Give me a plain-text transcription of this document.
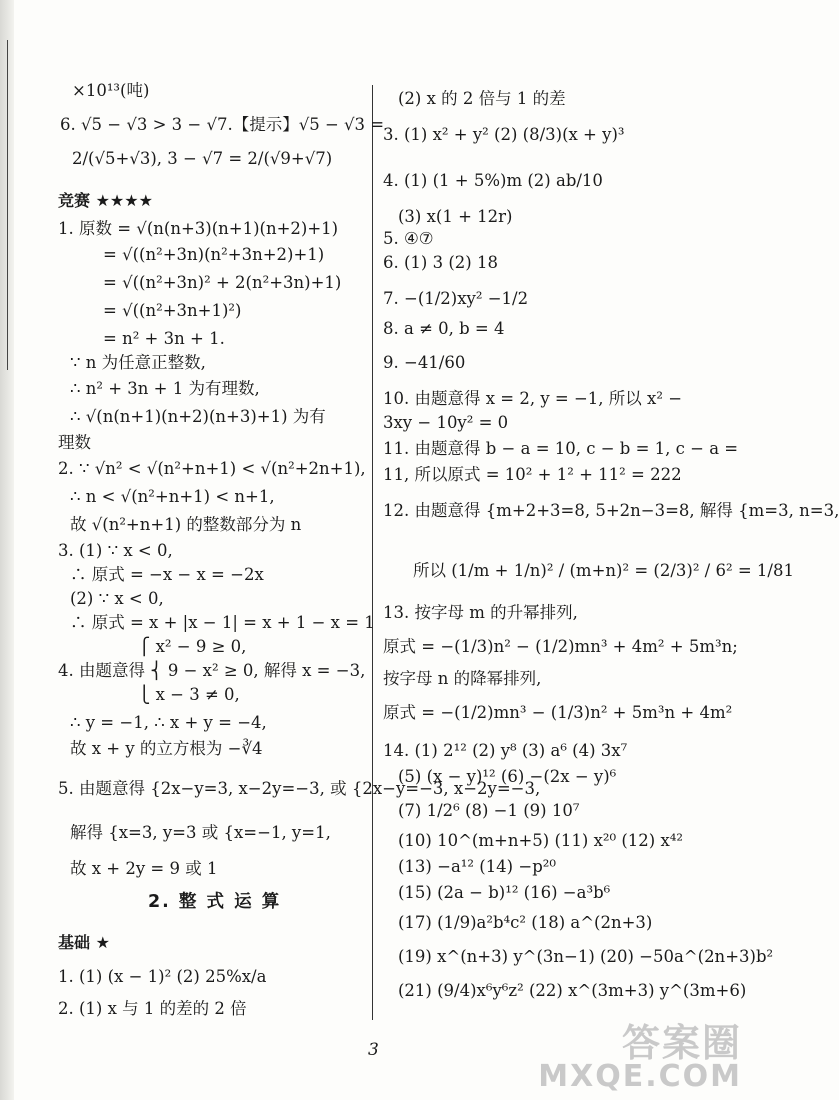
×10¹³(吨)
6. √5 − √3 > 3 − √7.【提示】√5 − √3 =
2/(√5+√3), 3 − √7 = 2/(√9+√7)
1. 原数 = √(n(n+3)(n+1)(n+2)+1)
= √((n²+3n)(n²+3n+2)+1)
= √((n²+3n)² + 2(n²+3n)+1)
= √((n²+3n+1)²)
= n² + 3n + 1.
∵ n 为任意正整数,
∴ n² + 3n + 1 为有理数,
∴ √(n(n+1)(n+2)(n+3)+1) 为有
理数
2. ∵ √n² < √(n²+n+1) < √(n²+2n+1),
∴ n < √(n²+n+1) < n+1,
故 √(n²+n+1) 的整数部分为 n
3. (1) ∵ x < 0,
∴ 原式 = −x − x = −2x
(2) ∵ x < 0,
∴ 原式 = x + |x − 1| = x + 1 − x = 1
⎧ x² − 9 ≥ 0,
4. 由题意得 ⎨ 9 − x² ≥ 0, 解得 x = −3,
⎩ x − 3 ≠ 0,
∴ y = −1, ∴ x + y = −4,
故 x + y 的立方根为 −∛4
5. 由题意得 {2x−y=3, x−2y=−3, 或 {2x−y=−3, x−2y=−3,
解得 {x=3, y=3 或 {x=−1, y=1,
故 x + 2y = 9 或 1
1. (1) (x − 1)² (2) 25%x/a
2. (1) x 与 1 的差的 2 倍
(2) x 的 2 倍与 1 的差
3. (1) x² + y² (2) (8/3)(x + y)³
4. (1) (1 + 5%)m (2) ab/10
(3) x(1 + 12r)
5. ④⑦
6. (1) 3 (2) 18
7. −(1/2)xy² −1/2
8. a ≠ 0, b = 4
9. −41/60
10. 由题意得 x = 2, y = −1, 所以 x² −
3xy − 10y² = 0
11. 由题意得 b − a = 10, c − b = 1, c − a =
11, 所以原式 = 10² + 1² + 11² = 222
12. 由题意得 {m+2+3=8, 5+2n−3=8, 解得 {m=3, n=3,
所以 (1/m + 1/n)² / (m+n)² = (2/3)² / 6² = 1/81
13. 按字母 m 的升幂排列,
原式 = −(1/3)n² − (1/2)mn³ + 4m² + 5m³n;
按字母 n 的降幂排列,
原式 = −(1/2)mn³ − (1/3)n² + 5m³n + 4m²
14. (1) 2¹² (2) y⁸ (3) a⁶ (4) 3x⁷
(5) (x − y)¹² (6) −(2x − y)⁶
(7) 1/2⁶ (8) −1 (9) 10⁷
(10) 10^(m+n+5) (11) x²⁰ (12) x⁴²
(13) −a¹² (14) −p²⁰
(15) (2a − b)¹² (16) −a³b⁶
(17) (1/9)a²b⁴c² (18) a^(2n+3)
(19) x^(n+3) y^(3n−1) (20) −50a^(2n+3)b²
(21) (9/4)x⁶y⁶z² (22) x^(3m+3) y^(3m+6)
竞赛 ★★★★
2. 整 式 运 算
基础 ★
3	答案圈
MXQE.COM
